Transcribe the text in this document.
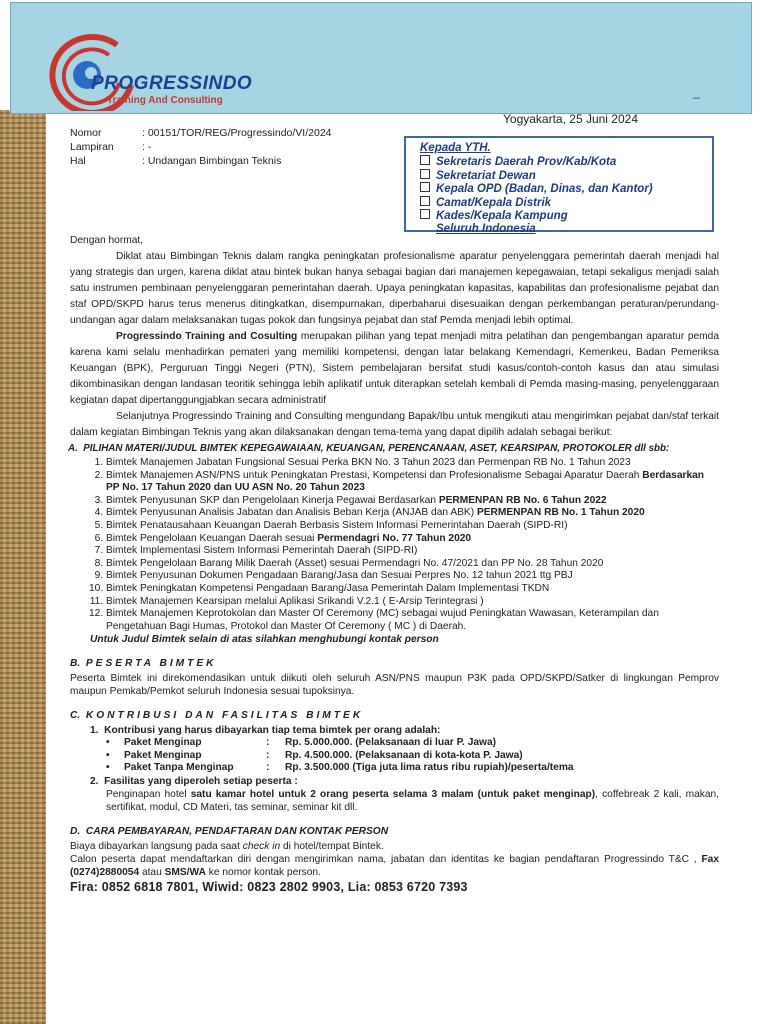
PROGRESSINDO
Training And Consulting
_
Yogyakarta, 25 Juni 2024
Nomor	: 00151/TOR/REG/Progressindo/VI/2024
Lampiran	: -
Hal	: Undangan Bimbingan Teknis
Kepada YTH.
Sekretaris Daerah Prov/Kab/Kota
Sekretariat Dewan
Kepala OPD (Badan, Dinas, dan Kantor)
Camat/Kepala Distrik
Kades/Kepala Kampung
Seluruh Indonesia

Dengan hormat,

Diklat atau Bimbingan Teknis dalam rangka peningkatan profesionalisme aparatur penyelenggara pemerintah daerah menjadi hal yang strategis dan urgen, karena diklat atau bintek bukan hanya sebagai bagian dari manajemen kepegawaian, tetapi sekaligus menjadi salah satu instrumen pembinaan penyelenggaran pemerintahan daerah. Upaya peningkatan kapasitas, kapabilitas dan profesionalisme pejabat dan staf OPD/SKPD harus terus menerus ditingkatkan, disempurnakan, diperbaharui disesuaikan dengan perkembangan peraturan/perundang-undangan agar dalam melaksanakan tugas pokok dan fungsinya pejabat dan staf Pemda menjadi lebih optimal.

Progressindo Training and Cosulting merupakan pilihan yang tepat menjadi mitra pelatihan dan pengembangan aparatur pemda karena kami selalu menhadirkan pemateri yang memiliki kompetensi, dengan latar belakang Kemendagri, Kemenkeu, Badan Pemeriksa Keuangan (BPK), Perguruan Tinggi Negeri (PTN), Sistem pembelajaran bersifat studi kasus/contoh-contoh kasus dan atau simulasi dikombinasikan dengan landasan teoritik sehingga lebih aplikatif untuk diterapkan setelah kembali di Pemda masing-masing, penyelenggaraan kegiatan dapat dipertanggungjabkan secara administratif

Selanjutnya Progressindo Training and Consulting mengundang Bapak/Ibu untuk mengikuti atau mengirimkan pejabat dan/staf terkait dalam kegiatan Bimbingan Teknis yang akan dilaksanakan dengan tema-tema yang dapat dipilih adalah sebagai berikut:

A. PILIHAN MATERI/JUDUL BIMTEK KEPEGAWAIAAN, KEUANGAN, PERENCANAAN, ASET, KEARSIPAN, PROTOKOLER dll sbb:

1. Bimtek Manajemen Jabatan Fungsional Sesuai Perka BKN No. 3 Tahun 2023 dan Permenpan RB No. 1 Tahun 2023
2. Bimtek Manajemen ASN/PNS untuk Peningkatan Prestasi, Kompetensi dan Profesionalisme Sebagai Aparatur Daerah Berdasarkan PP No. 17 Tahun 2020 dan UU ASN No. 20 Tahun 2023
3. Bimtek Penyusunan SKP dan Pengelolaan Kinerja Pegawai Berdasarkan PERMENPAN RB No. 6 Tahun 2022
4. Bimtek Penyusunan Analisis Jabatan dan Analisis Beban Kerja (ANJAB dan ABK) PERMENPAN RB No. 1 Tahun 2020
5. Bimtek Penatausahaan Keuangan Daerah Berbasis Sistem Informasi Pemerintahan Daerah (SIPD-RI)
6. Bimtek Pengelolaan Keuangan Daerah sesuai Permendagri No. 77 Tahun 2020
7. Bimtek Implementasi Sistem Informasi Pemerintah Daerah (SIPD-RI)
8. Bimtek Pengelolaan Barang Milik Daerah (Asset) sesuai Permendagri No. 47/2021 dan PP No. 28 Tahun 2020
9. Bimtek Penyusunan Dokumen Pengadaan Barang/Jasa dan Sesuai Perpres No. 12 tahun 2021 ttg PBJ
10. Bimtek Peningkatan Kompetensi Pengadaan Barang/Jasa Pemerintah Dalam Implementasi TKDN
11. Bimtek Manajemen Kearsipan melalui Aplikasi Srikandi V.2.1 ( E-Arsip Terintegrasi )
12. Bimtek Manajemen Keprotokolan dan Master Of Ceremony (MC) sebagai wujud Peningkatan Wawasan, Keterampilan dan Pengetahuan Bagi Humas, Protokol dan Master Of Ceremony ( MC ) di Daerah.

Untuk Judul Bimtek selain di atas silahkan menghubungi kontak person

B. PESERTA BIMTEK

Peserta Bimtek ini direkomendasikan untuk diikuti oleh seluruh ASN/PNS maupun P3K pada OPD/SKPD/Satker di lingkungan Pemprov maupun Pemkab/Pemkot seluruh Indonesia sesuai tupoksinya.

C. KONTRIBUSI DAN FASILITAS BIMTEK

1.  Kontribusi yang harus dibayarkan tiap tema bimtek per orang adalah:

• Paket Menginap	: Rp. 5.000.000. (Pelaksanaan di luar P. Jawa)
• Paket Menginap	: Rp. 4.500.000. (Pelaksanaan di kota-kota P. Jawa)
• Paket Tanpa Menginap	: Rp. 3.500.000 (Tiga juta lima ratus ribu rupiah)/peserta/tema

2.  Fasilitas yang diperoleh setiap peserta :

Penginapan hotel satu kamar hotel untuk 2 orang peserta selama 3 malam (untuk paket menginap), coffebreak 2 kali, makan, sertifikat, modul, CD Materi, tas seminar, seminar kit dll.

D. CARA PEMBAYARAN, PENDAFTARAN DAN KONTAK PERSON

Biaya dibayarkan langsung pada saat check in di hotel/tempat Bintek.

Calon peserta dapat mendaftarkan diri dengan mengirimkan nama, jabatan dan identitas ke bagian pendaftaran Progressindo T&C , Fax (0274)2880054 atau SMS/WA ke nomor kontak person.

Fira: 0852 6818 7801, Wiwid: 0823 2802 9903, Lia: 0853 6720 7393
